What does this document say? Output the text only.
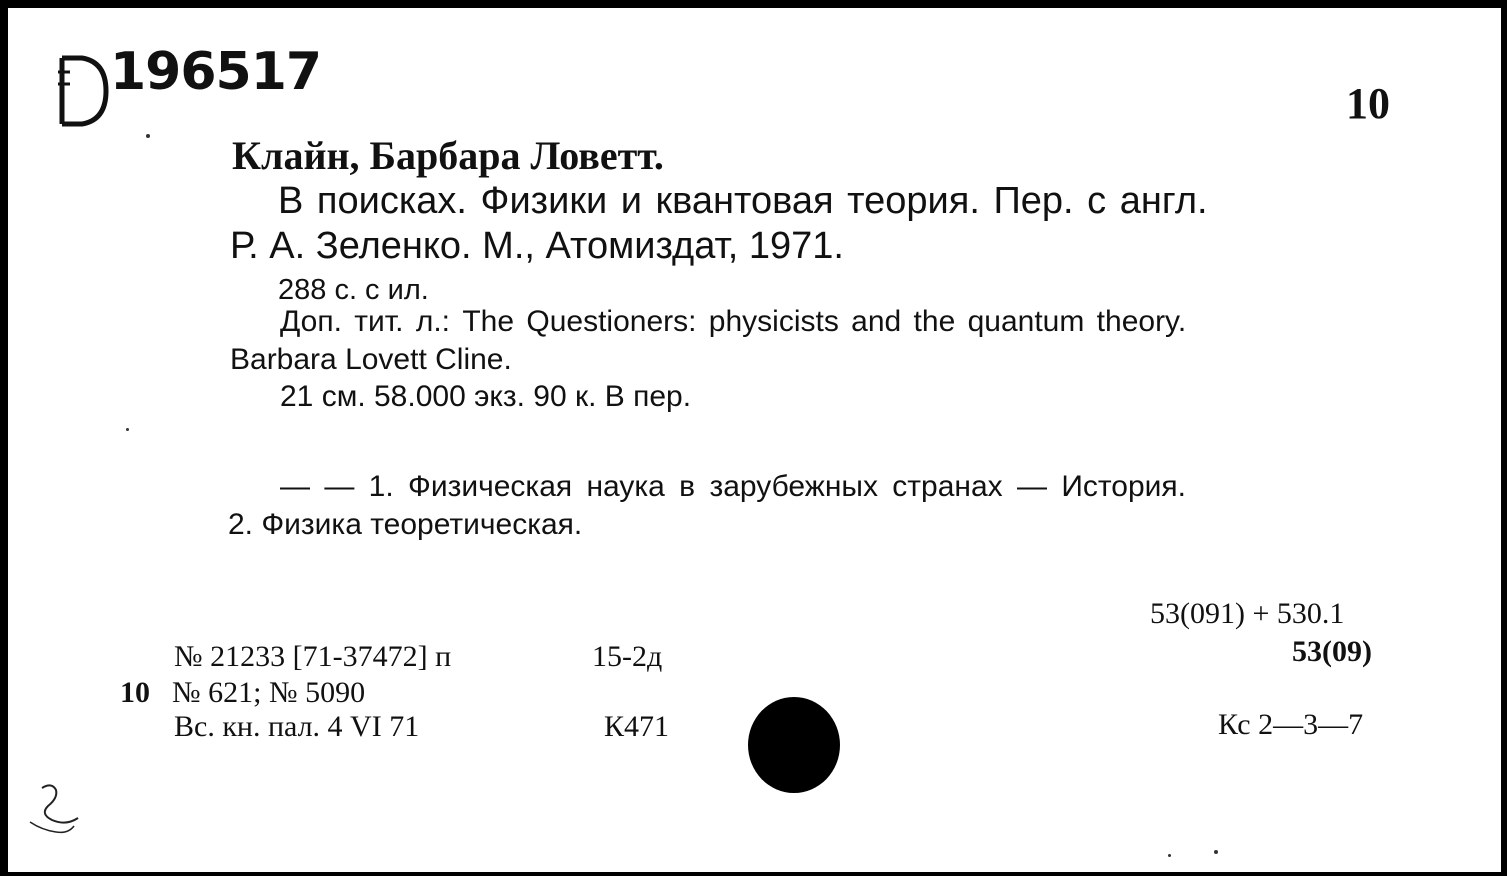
196517

10

Клайн, Барбара Ловетт.

В поисках. Физики и квантовая теория. Пер. с англ.

Р. А. Зеленко. М., Атомиздат, 1971.

288 с. с ил.

Доп. тит. л.: The Questioners: physicists and the quantum theory.

Barbara Lovett Cline.

21 см. 58.000 экз. 90 к. В пер.

— — 1. Физическая наука в зарубежных странах — История.

2. Физика теоретическая.

53(091) + 530.1

53(09)

Кс 2—3—7

№ 21233 [71-37472] п	15-2д

10 № 621; № 5090

Вс. кн. пал. 4 VI 71	К471
